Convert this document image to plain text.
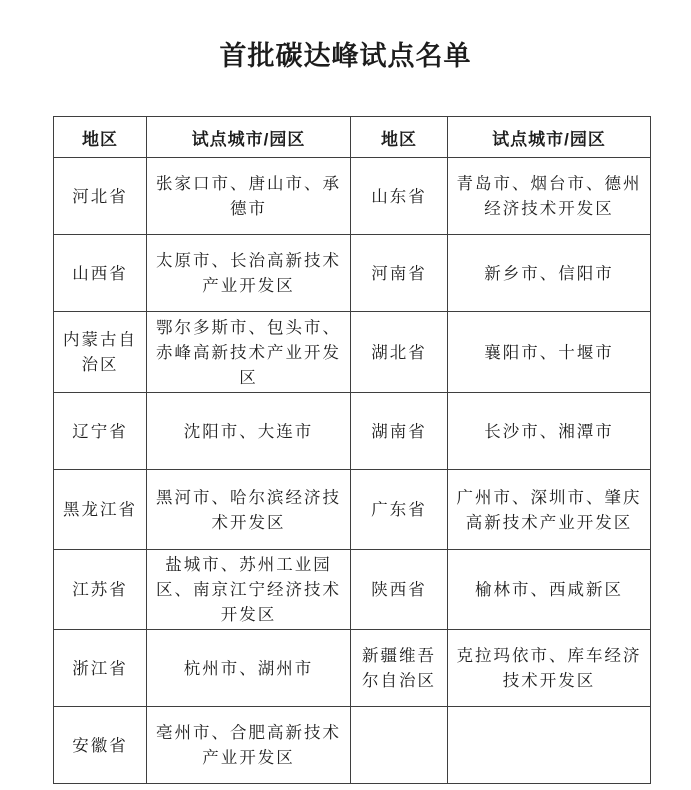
首批碳达峰试点名单
地区	试点城市/园区	地区	试点城市/园区
河北省	张家口市、唐山市、承德市	山东省	青岛市、烟台市、德州经济技术开发区
山西省	太原市、长治高新技术产业开发区	河南省	新乡市、信阳市
内蒙古自治区	鄂尔多斯市、包头市、赤峰高新技术产业开发区	湖北省	襄阳市、十堰市
辽宁省	沈阳市、大连市	湖南省	长沙市、湘潭市
黑龙江省	黑河市、哈尔滨经济技术开发区	广东省	广州市、深圳市、肇庆高新技术产业开发区
江苏省	盐城市、苏州工业园区、南京江宁经济技术开发区	陕西省	榆林市、西咸新区
浙江省	杭州市、湖州市	新疆维吾尔自治区	克拉玛依市、库车经济技术开发区
安徽省	亳州市、合肥高新技术产业开发区		
